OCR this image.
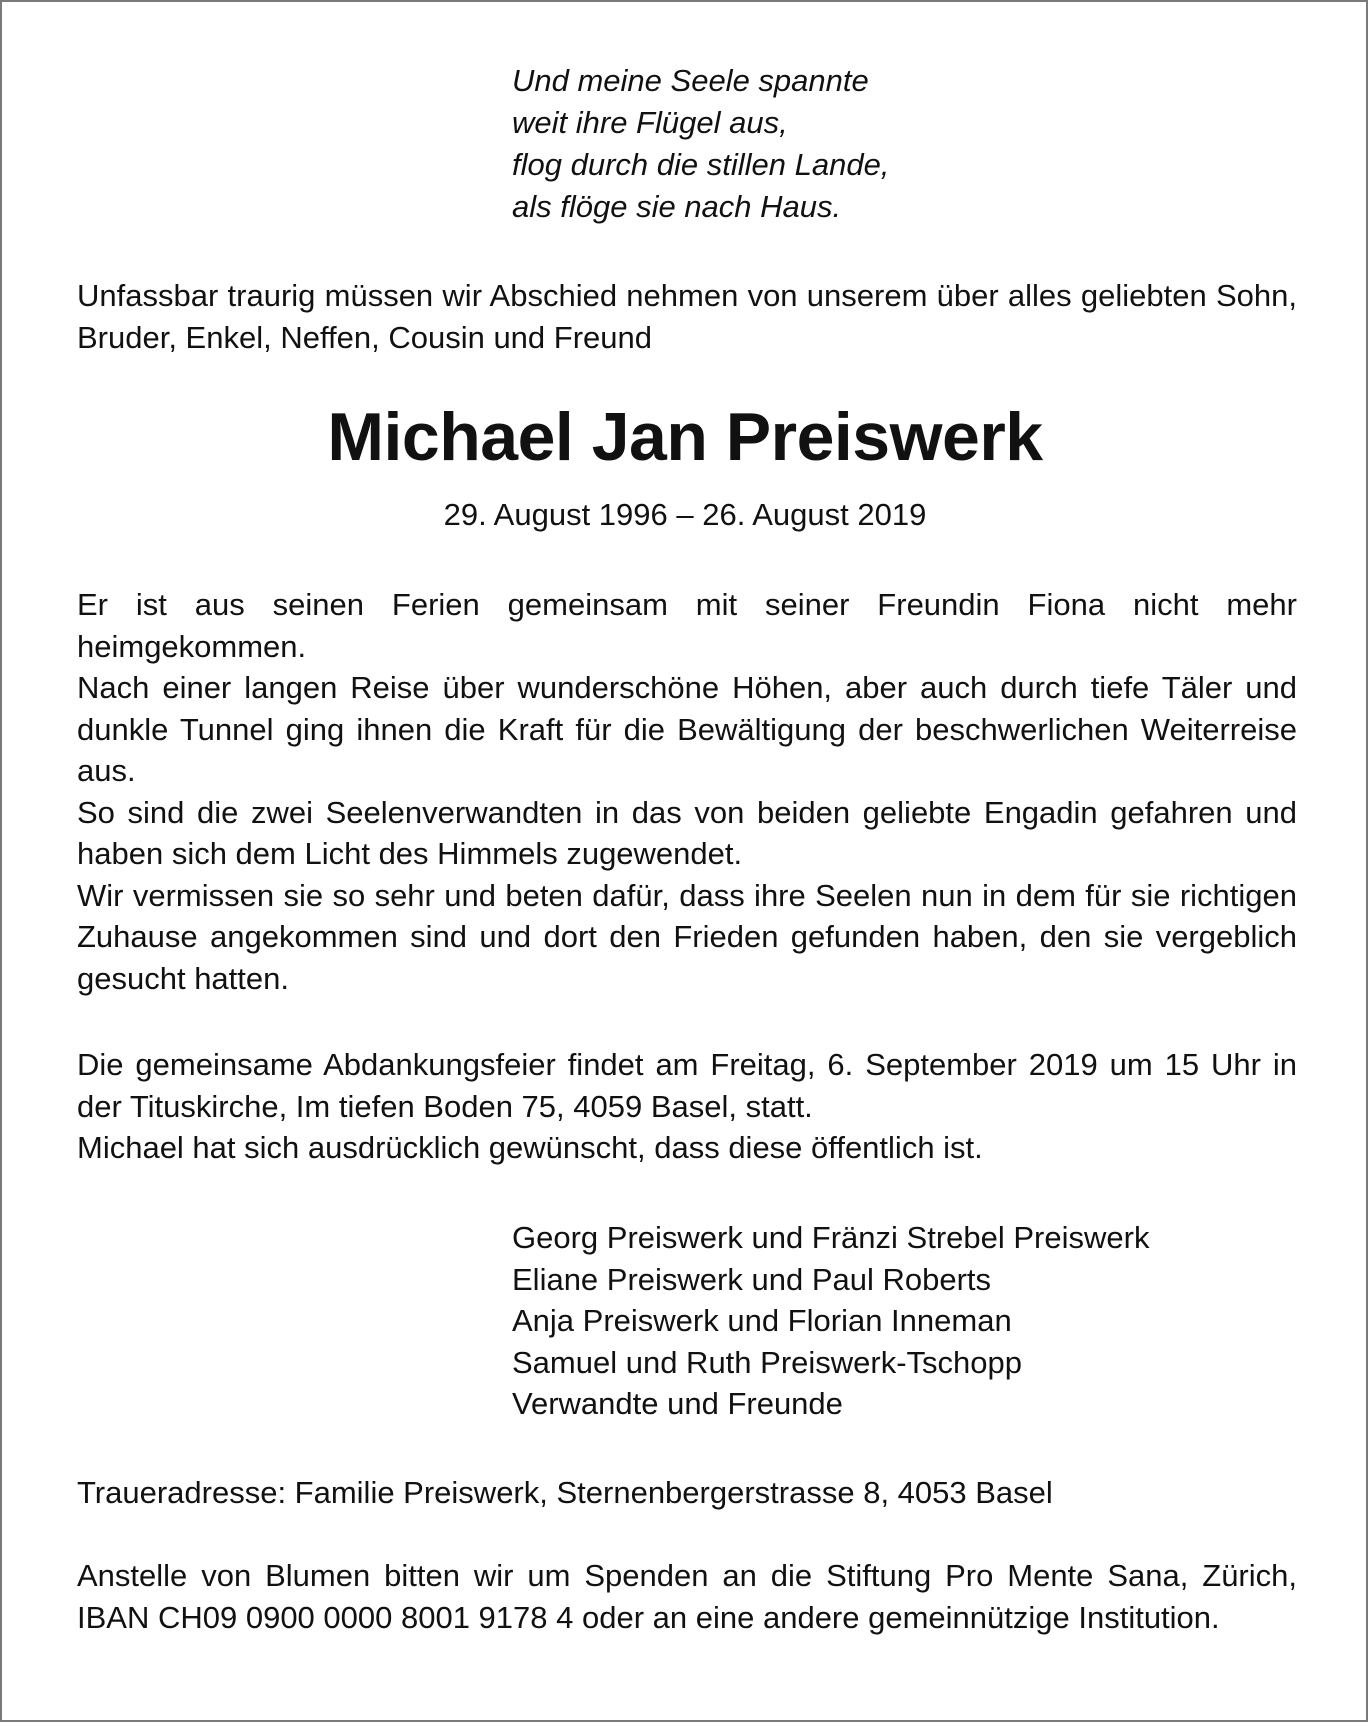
Und meine Seele spannte
weit ihre Flügel aus,
flog durch die stillen Lande,
als flöge sie nach Haus.
Unfassbar traurig müssen wir Abschied nehmen von unserem über alles geliebten Sohn, Bruder, Enkel, Neffen, Cousin und Freund
Michael Jan Preiswerk
29. August 1996 – 26. August 2019
Er ist aus seinen Ferien gemeinsam mit seiner Freundin Fiona nicht mehr heimgekommen.
Nach einer langen Reise über wunderschöne Höhen, aber auch durch tiefe Täler und dunkle Tunnel ging ihnen die Kraft für die Bewältigung der beschwerlichen Weiterreise aus.
So sind die zwei Seelenverwandten in das von beiden geliebte Engadin gefahren und haben sich dem Licht des Himmels zugewendet.
Wir vermissen sie so sehr und beten dafür, dass ihre Seelen nun in dem für sie richtigen Zuhause angekommen sind und dort den Frieden gefunden haben, den sie vergeblich gesucht hatten.
Die gemeinsame Abdankungsfeier findet am Freitag, 6. September 2019 um 15 Uhr in der Tituskirche, Im tiefen Boden 75, 4059 Basel, statt.
Michael hat sich ausdrücklich gewünscht, dass diese öffentlich ist.
Georg Preiswerk und Fränzi Strebel Preiswerk
Eliane Preiswerk und Paul Roberts
Anja Preiswerk und Florian Inneman
Samuel und Ruth Preiswerk-Tschopp
Verwandte und Freunde
Traueradresse: Familie Preiswerk, Sternenbergerstrasse 8, 4053 Basel
Anstelle von Blumen bitten wir um Spenden an die Stiftung Pro Mente Sana, Zürich, IBAN CH09 0900 0000 8001 9178 4 oder an eine andere gemeinnützige Institution.
